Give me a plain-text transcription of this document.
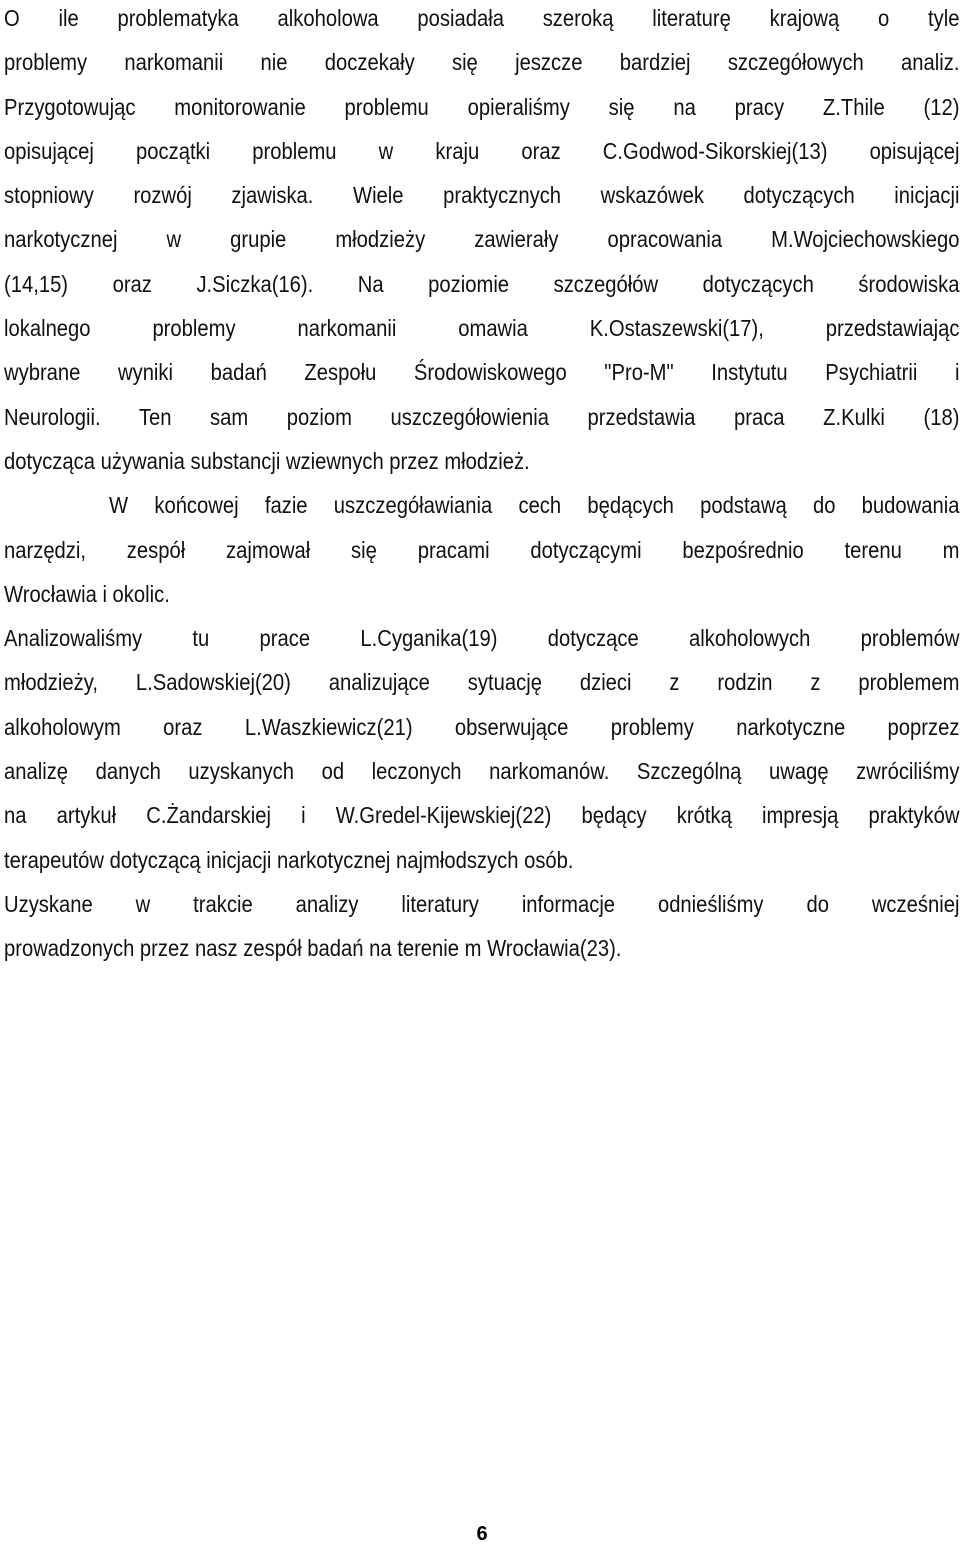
O ile problematyka alkoholowa posiadała szeroką literaturę krajową o tyle
problemy narkomanii nie doczekały się jeszcze bardziej szczegółowych analiz.
Przygotowując monitorowanie problemu opieraliśmy się na pracy Z.Thile (12)
opisującej początki problemu w kraju oraz C.Godwod-Sikorskiej(13) opisującej
stopniowy rozwój zjawiska. Wiele praktycznych wskazówek dotyczących inicjacji
narkotycznej w grupie młodzieży zawierały opracowania M.Wojciechowskiego
(14,15) oraz J.Siczka(16). Na poziomie szczegółów dotyczących środowiska
lokalnego problemy narkomanii omawia K.Ostaszewski(17), przedstawiając
wybrane wyniki badań Zespołu Środowiskowego "Pro-M" Instytutu Psychiatrii i
Neurologii. Ten sam poziom uszczegółowienia przedstawia praca Z.Kulki (18)
dotycząca używania substancji wziewnych przez młodzież.
W  końcowej  fazie  uszczegóławiania  cech  będących  podstawą  do  budowania
narzędzi, zespół zajmował się pracami dotyczącymi bezpośrednio terenu m
Wrocławia i okolic.
Analizowaliśmy tu prace L.Cyganika(19) dotyczące alkoholowych problemów
młodzieży, L.Sadowskiej(20) analizujące sytuację dzieci z rodzin z problemem
alkoholowym oraz L.Waszkiewicz(21) obserwujące problemy narkotyczne poprzez
analizę danych uzyskanych od leczonych narkomanów. Szczególną uwagę zwróciliśmy
na artykuł C.Żandarskiej i W.Gredel-Kijewskiej(22) będący krótką impresją praktyków
terapeutów dotyczącą inicjacji narkotycznej najmłodszych osób.
Uzyskane w trakcie analizy literatury informacje odnieśliśmy do wcześniej
prowadzonych przez nasz zespół badań na terenie m Wrocławia(23).
6
